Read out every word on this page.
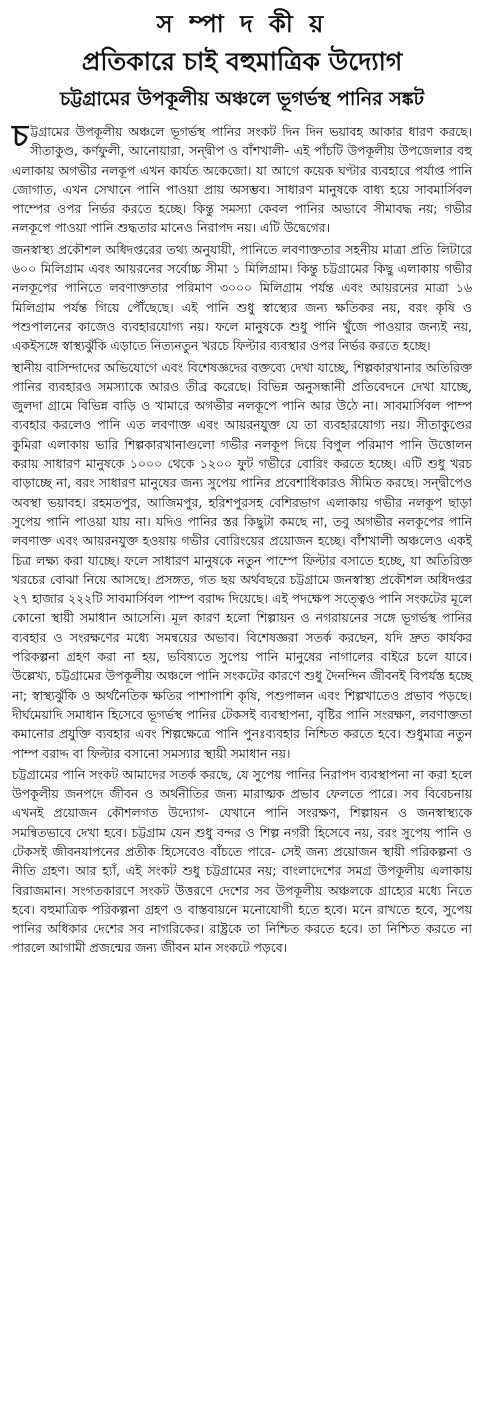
স ম্পা দ কী য়
প্রতিকারে চাই বহুমাত্রিক উদ্যোগ
চট্টগ্রামের উপকূলীয় অঞ্চলে ভূগর্ভস্থ পানির সঙ্কট

চট্টগ্রামের উপকূলীয় অঞ্চলে ভূগর্ভস্থ পানির সংকট দিন দিন ভয়াবহ আকার ধারণ করছে। সীতাকুণ্ড, কর্ণফুলী, আনোয়ারা, সন্দ্বীপ ও বাঁশখালী- এই পাঁচটি উপকূলীয় উপজেলার বহু এলাকায় অগভীর নলকূপ এখন কার্যত অকেজো। যা আগে কয়েক ঘণ্টার ব্যবহারে পর্যাপ্ত পানি জোগাত, এখন সেখানে পানি পাওয়া প্রায় অসম্ভব। সাধারণ মানুষকে বাধ্য হয়ে সাবমার্সিবল পাম্পের ওপর নির্ভর করতে হচ্ছে। কিন্তু সমস্যা কেবল পানির অভাবে সীমাবদ্ধ নয়; গভীর নলকূপে পাওয়া পানি শুদ্ধতার মানেও নিরাপদ নয়। এটি উদ্বেগের।

জনস্বাস্থ্য প্রকৌশল অধিদপ্তরের তথ্য অনুযায়ী, পানিতে লবণাক্ততার সহনীয় মাত্রা প্রতি লিটারে ৬০০ মিলিগ্রাম এবং আয়রনের সর্বোচ্চ সীমা ১ মিলিগ্রাম। কিন্তু চট্টগ্রামের কিছু এলাকায় গভীর নলকূপের পানিতে লবণাক্ততার পরিমাণ ৩০০০ মিলিগ্রাম পর্যন্ত এবং আয়রনের মাত্রা ১৬ মিলিগ্রাম পর্যন্ত গিয়ে পৌঁছেছে। এই পানি শুধু স্বাস্থ্যের জন্য ক্ষতিকর নয়, বরং কৃষি ও পশুপালনের কাজেও ব্যবহারযোগ্য নয়। ফলে মানুষকে শুধু পানি খুঁজে পাওয়ার জন্যই নয়, একইসঙ্গে স্বাস্থ্যঝুঁকি এড়াতে নিত্যনতুন খরচে ফিল্টার ব্যবস্থার ওপর নির্ভর করতে হচ্ছে।

স্থানীয় বাসিন্দাদের অভিযোগে এবং বিশেষজ্ঞদের বক্তব্যে দেখা যাচ্ছে, শিল্পকারখানার অতিরিক্ত পানির ব্যবহারও সমস্যাকে আরও তীব্র করেছে। বিভিন্ন অনুসন্ধানী প্রতিবেদনে দেখা যাচ্ছে, জুলদা গ্রামে বিভিন্ন বাড়ি ও খামারে অগভীর নলকূপে পানি আর উঠে না। সাবমার্সিবল পাম্প ব্যবহার করলেও পানি এত লবণাক্ত এবং আয়রনযুক্ত যে তা ব্যবহারযোগ্য নয়। সীতাকুণ্ডের কুমিরা এলাকায় ভারি শিল্পকারখানাগুলো গভীর নলকূপ দিয়ে বিপুল পরিমাণ পানি উত্তোলন করায় সাধারণ মানুষকে ১০০০ থেকে ১২০০ ফুট গভীরে বোরিং করতে হচ্ছে। এটি শুধু খরচ বাড়াচ্ছে না, বরং সাধারণ মানুষের জন্য সুপেয় পানির প্রবেশাধিকারও সীমিত করছে। সন্দ্বীপেও অবস্থা ভয়াবহ। রহমতপুর, আজিমপুর, হরিশপুরসহ বেশিরভাগ এলাকায় গভীর নলকূপ ছাড়া সুপেয় পানি পাওয়া যায় না। যদিও পানির স্তর কিছুটা কমছে না, তবু অগভীর নলকূপের পানি লবণাক্ত এবং আয়রনযুক্ত হওয়ায় গভীর বোরিংয়ের প্রয়োজন হচ্ছে। বাঁশখালী অঞ্চলেও একই চিত্র লক্ষ্য করা যাচ্ছে। ফলে সাধারণ মানুষকে নতুন পাম্পে ফিল্টার বসাতে হচ্ছে, যা অতিরিক্ত খরচের বোঝা নিয়ে আসছে। প্রসঙ্গত, গত ছয় অর্থবছরে চট্টগ্রামে জনস্বাস্থ্য প্রকৌশল অধিদপ্তর ২৭ হাজার ২২২টি সাবমার্সিবল পাম্প বরাদ্দ দিয়েছে। এই পদক্ষেপ সত্ত্বেও পানি সংকটের মূলে কোনো স্থায়ী সমাধান আসেনি। মূল কারণ হলো শিল্পায়ন ও নগরায়নের সঙ্গে ভূগর্ভস্থ পানির ব্যবহার ও সংরক্ষণের মধ্যে সমন্বয়ের অভাব। বিশেষজ্ঞরা সতর্ক করছেন, যদি দ্রুত কার্যকর পরিকল্পনা গ্রহণ করা না হয়, ভবিষ্যতে সুপেয় পানি মানুষের নাগালের বাইরে চলে যাবে। উল্লেখ্য, চট্টগ্রামের উপকূলীয় অঞ্চলে পানি সংকটের কারণে শুধু দৈনন্দিন জীবনই বিপর্যস্ত হচ্ছে না; স্বাস্থ্যঝুঁকি ও অর্থনৈতিক ক্ষতির পাশাপাশি কৃষি, পশুপালন এবং শিল্পখাতেও প্রভাব পড়ছে। দীর্ঘমেয়াদি সমাধান হিসেবে ভূগর্ভস্থ পানির টেকসই ব্যবস্থাপনা, বৃষ্টির পানি সংরক্ষণ, লবণাক্ততা কমানোর প্রযুক্তি ব্যবহার এবং শিল্পক্ষেত্রে পানি পুনঃব্যবহার নিশ্চিত করতে হবে। শুধুমাত্র নতুন পাম্প বরাদ্দ বা ফিল্টার বসানো সমস্যার স্থায়ী সমাধান নয়।

চট্টগ্রামের পানি সংকট আমাদের সতর্ক করছে, যে সুপেয় পানির নিরাপদ ব্যবস্থাপনা না করা হলে উপকূলীয় জনপদে জীবন ও অর্থনীতির জন্য মারাত্মক প্রভাব ফেলতে পারে। সব বিবেচনায় এখনই প্রয়োজন কৌশলগত উদ্যোগ- যেখানে পানি সংরক্ষণ, শিল্পায়ন ও জনস্বাস্থ্যকে সমন্বিতভাবে দেখা হবে। চট্টগ্রাম যেন শুধু বন্দর ও শিল্প নগরী হিসেবে নয়, বরং সুপেয় পানি ও টেকসই জীবনযাপনের প্রতীক হিসেবেও বাঁচতে পারে- সেই জন্য প্রয়োজন স্থায়ী পরিকল্পনা ও নীতি গ্রহণ। আর হ্যাঁ, এই সংকট শুধু চট্টগ্রামের নয়; বাংলাদেশের সমগ্র উপকূলীয় এলাকায় বিরাজমান। সংগতকারণে সংকট উত্তরণে দেশের সব উপকূলীয় অঞ্চলকে গ্রাহ্যের মধ্যে নিতে হবে। বহুমাত্রিক পরিকল্পনা গ্রহণ ও বাস্তবায়নে মনোযোগী হতে হবে। মনে রাখতে হবে, সুপেয় পানির অধিকার দেশের সব নাগরিকের। রাষ্ট্রকে তা নিশ্চিত করতে হবে। তা নিশ্চিত করতে না পারলে আগামী প্রজন্মের জন্য জীবন মান সংকটে পড়বে।
